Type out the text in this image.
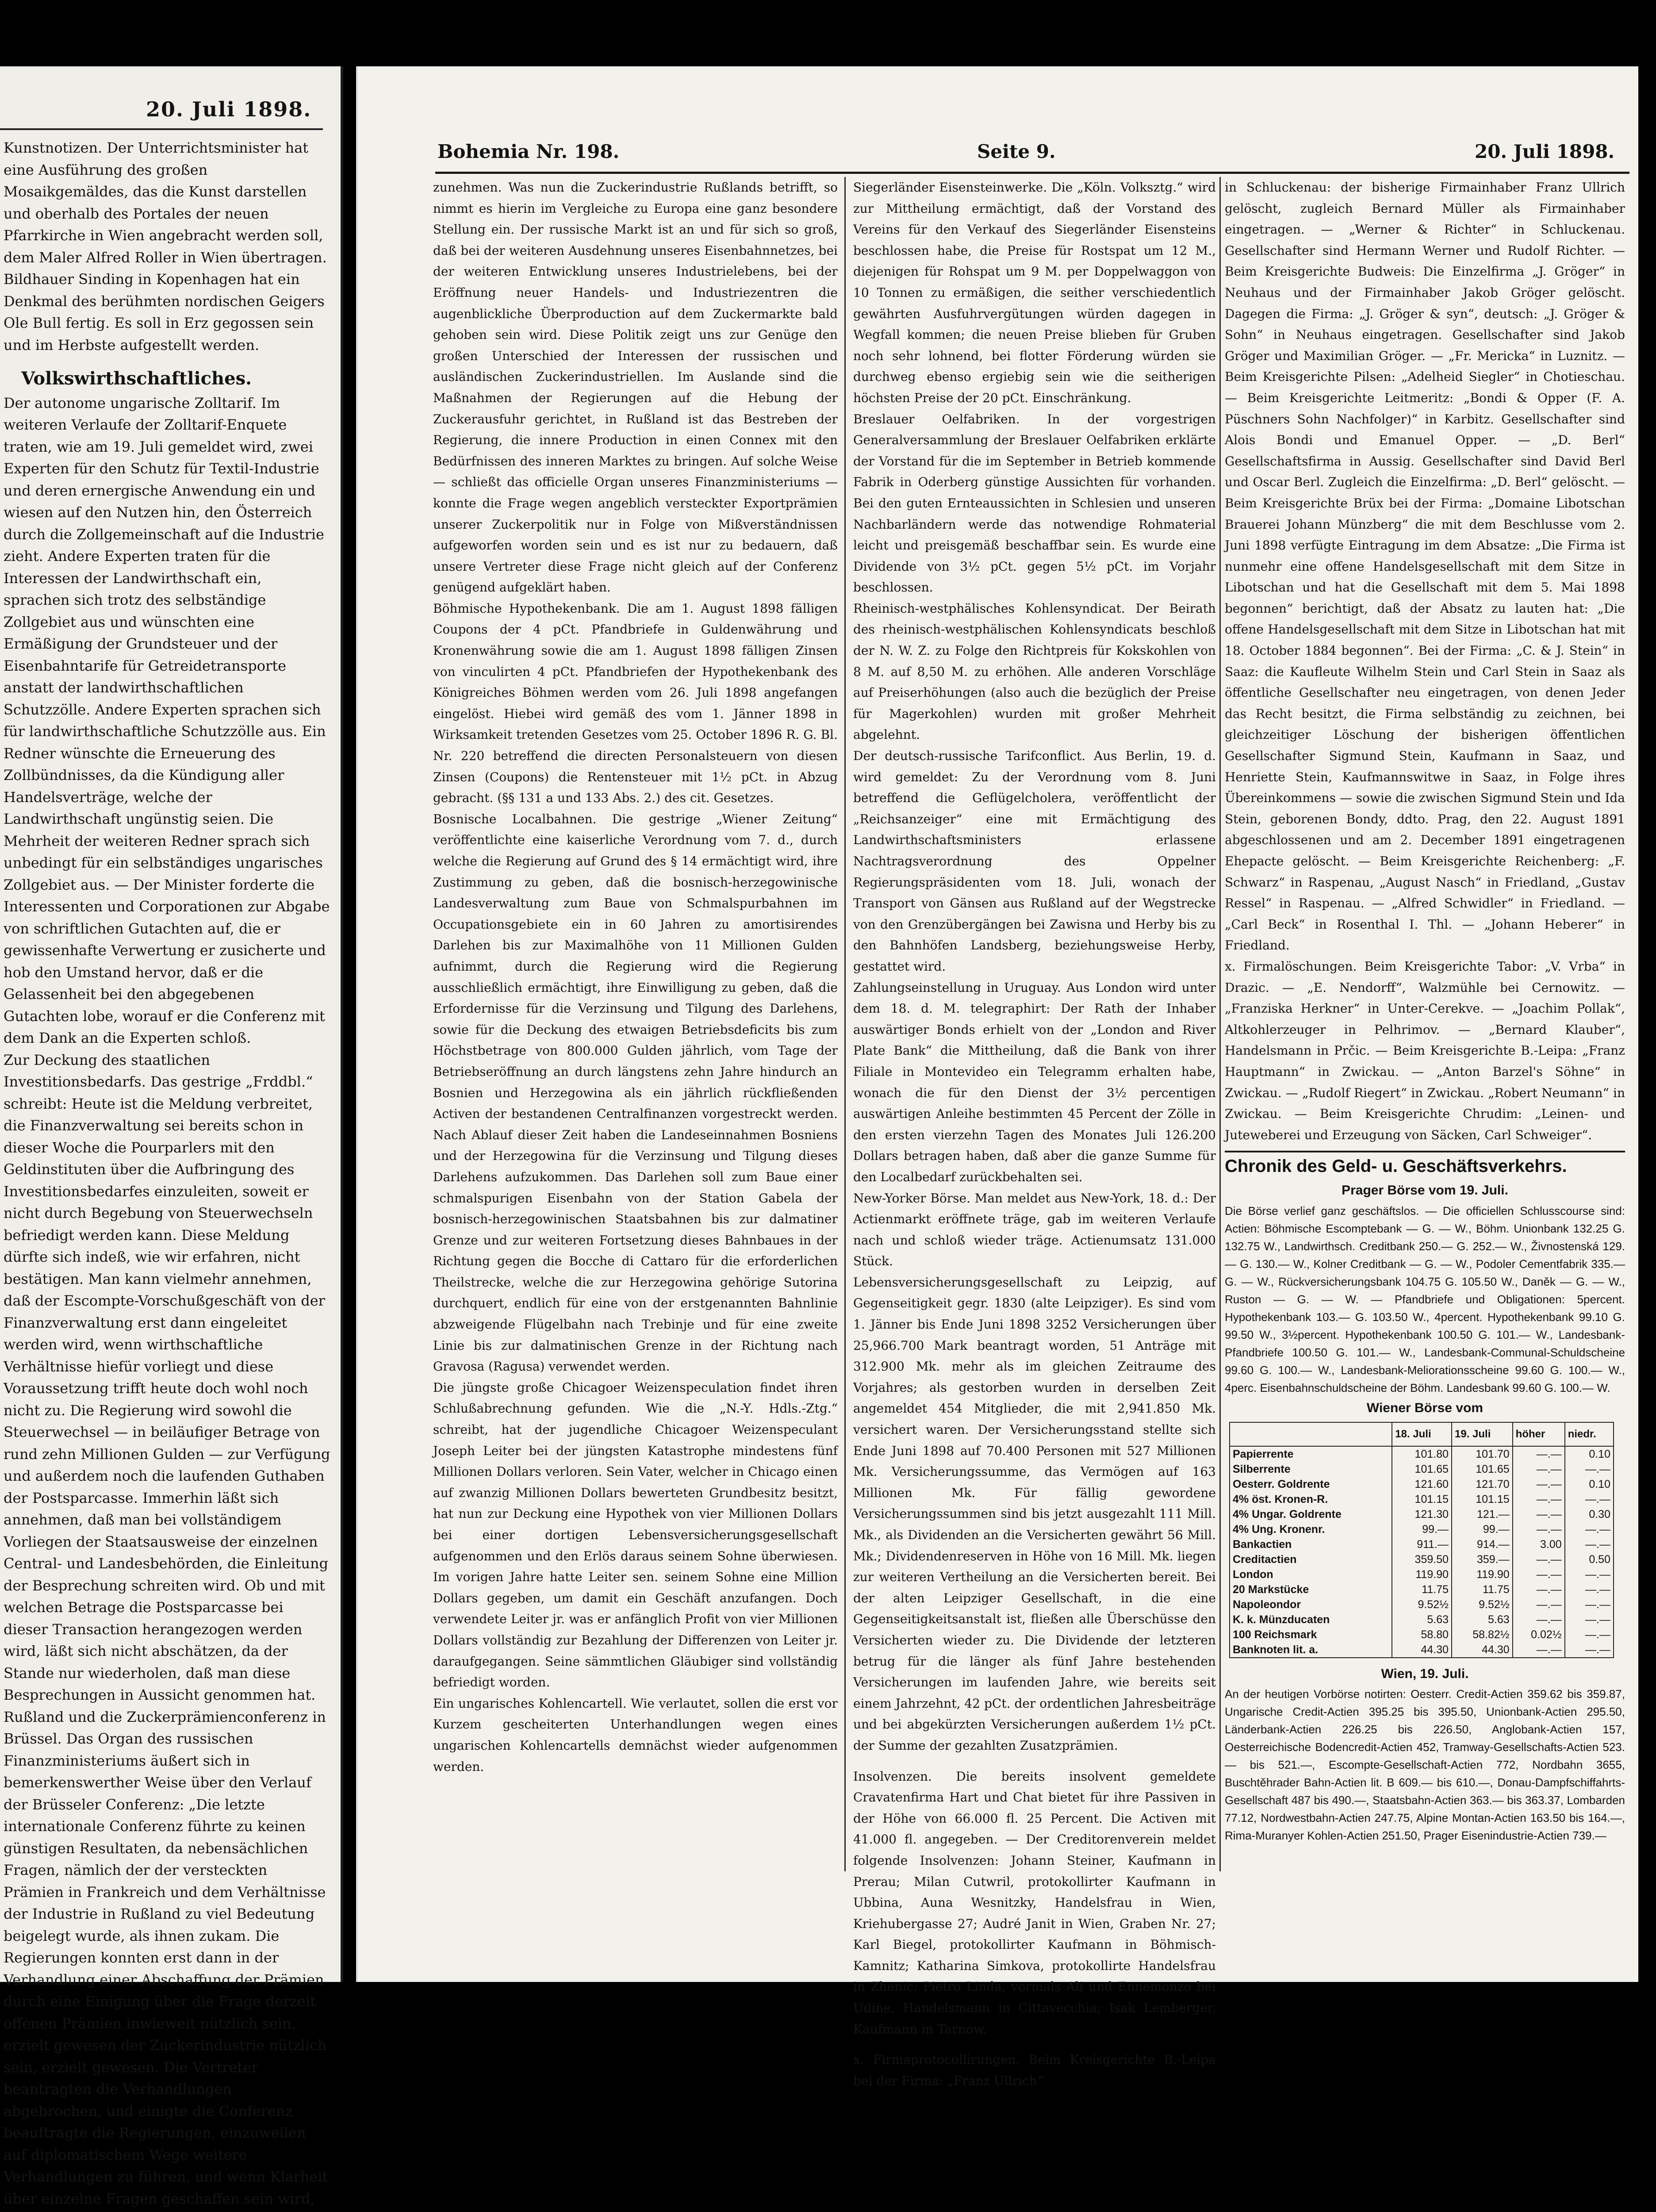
20. Juli 1898.

Kunstnotizen. Der Unterrichtsminister hat eine Ausführung des großen Mosaikgemäldes, das die Kunst darstellen und oberhalb des Portales der neuen Pfarrkirche in Wien angebracht werden soll, dem Maler Alfred Roller in Wien übertragen.

Bildhauer Sinding in Kopenhagen hat ein Denkmal des berühmten nordischen Geigers Ole Bull fertig. Es soll in Erz gegossen sein und im Herbste aufgestellt werden.

Volkswirthschaftliches.

Der autonome ungarische Zolltarif. Im weiteren Verlaufe der Zolltarif-Enquete traten, wie am 19. Juli gemeldet wird, zwei Experten für den Schutz für Textil-Industrie und deren ernergische Anwendung ein und wiesen auf den Nutzen hin, den Österreich durch die Zollgemeinschaft auf die Industrie zieht. Andere Experten traten für die Interessen der Landwirthschaft ein, sprachen sich trotz des selbständige Zollgebiet aus und wünschten eine Ermäßigung der Grundsteuer und der Eisenbahntarife für Getreidetransporte anstatt der landwirthschaftlichen Schutzzölle. Andere Experten sprachen sich für landwirthschaftliche Schutzzölle aus. Ein Redner wünschte die Erneuerung des Zollbündnisses, da die Kündigung aller Handelsverträge, welche der Landwirthschaft ungünstig seien. Die Mehrheit der weiteren Redner sprach sich unbedingt für ein selbständiges ungarisches Zollgebiet aus. — Der Minister forderte die Interessenten und Corporationen zur Abgabe von schriftlichen Gutachten auf, die er gewissenhafte Verwertung er zusicherte und hob den Umstand hervor, daß er die Gelassenheit bei den abgegebenen Gutachten lobe, worauf er die Conferenz mit dem Dank an die Experten schloß.

Zur Deckung des staatlichen Investitionsbedarfs. Das gestrige „Frddbl.“ schreibt: Heute ist die Meldung verbreitet, die Finanzverwaltung sei bereits schon in dieser Woche die Pourparlers mit den Geldinstituten über die Aufbringung des Investitionsbedarfes einzuleiten, soweit er nicht durch Begebung von Steuerwechseln befriedigt werden kann. Diese Meldung dürfte sich indeß, wie wir erfahren, nicht bestätigen. Man kann vielmehr annehmen, daß der Escompte-Vorschußgeschäft von der Finanzverwaltung erst dann eingeleitet werden wird, wenn wirthschaftliche Verhältnisse hiefür vorliegt und diese Voraussetzung trifft heute doch wohl noch nicht zu. Die Regierung wird sowohl die Steuerwechsel — in beiläufiger Betrage von rund zehn Millionen Gulden — zur Verfügung und außerdem noch die laufenden Guthaben der Postsparcasse. Immerhin läßt sich annehmen, daß man bei vollständigem Vorliegen der Staatsausweise der einzelnen Central- und Landesbehörden, die Einleitung der Besprechung schreiten wird. Ob und mit welchen Betrage die Postsparcasse bei dieser Transaction herangezogen werden wird, läßt sich nicht abschätzen, da der Stande nur wiederholen, daß man diese Besprechungen in Aussicht genommen hat.

Rußland und die Zuckerprämienconferenz in Brüssel. Das Organ des russischen Finanzministeriums äußert sich in bemerkenswerther Weise über den Verlauf der Brüsseler Conferenz: „Die letzte internationale Conferenz führte zu keinen günstigen Resultaten, da nebensächlichen Fragen, nämlich der der versteckten Prämien in Frankreich und dem Verhältnisse der Industrie in Rußland zu viel Bedeutung beigelegt wurde, als ihnen zukam. Die Regierungen konnten erst dann in der Verhandlung einer Abschaffung der Prämien durch eine Einigung über die Frage derzeit offenen Prämien inwieweit nützlich sein, erzielt gewesen der Zuckerindustrie nützlich sein, erzielt gewesen. Die Vertreter beantragten die Verhandlungen abgebrochen, und einigte die Conferenz beauftragte die Regierungen, einzuweilen auf diplomatischem Wege weitere Verhandlungen zu führen, und wenn Klarheit über einzelne Fragen geschaffen sein wird,

Bohemia Nr. 198.	Seite 9.	20. Juli 1898.

zunehmen. Was nun die Zuckerindustrie Rußlands betrifft, so nimmt es hierin im Vergleiche zu Europa eine ganz besondere Stellung ein. Der russische Markt ist an und für sich so groß, daß bei der weiteren Ausdehnung unseres Eisenbahnnetzes, bei der weiteren Entwicklung unseres Industrielebens, bei der Eröffnung neuer Handels- und Industriezentren die augenblickliche Überproduction auf dem Zuckermarkte bald gehoben sein wird. Diese Politik zeigt uns zur Genüge den großen Unterschied der Interessen der russischen und ausländischen Zuckerindustriellen. Im Auslande sind die Maßnahmen der Regierungen auf die Hebung der Zuckerausfuhr gerichtet, in Rußland ist das Bestreben der Regierung, die innere Production in einen Connex mit den Bedürfnissen des inneren Marktes zu bringen. Auf solche Weise — schließt das officielle Organ unseres Finanzministeriums — konnte die Frage wegen angeblich versteckter Exportprämien unserer Zuckerpolitik nur in Folge von Mißverständnissen aufgeworfen worden sein und es ist nur zu bedauern, daß unsere Vertreter diese Frage nicht gleich auf der Conferenz genügend aufgeklärt haben.

Böhmische Hypothekenbank. Die am 1. August 1898 fälligen Coupons der 4 pCt. Pfandbriefe in Guldenwährung und Kronenwährung sowie die am 1. August 1898 fälligen Zinsen von vinculirten 4 pCt. Pfandbriefen der Hypothekenbank des Königreiches Böhmen werden vom 26. Juli 1898 angefangen eingelöst. Hiebei wird gemäß des vom 1. Jänner 1898 in Wirksamkeit tretenden Gesetzes vom 25. October 1896 R. G. Bl. Nr. 220 betreffend die directen Personalsteuern von diesen Zinsen (Coupons) die Rentensteuer mit 1½ pCt. in Abzug gebracht. (§§ 131 a und 133 Abs. 2.) des cit. Gesetzes.

Bosnische Localbahnen. Die gestrige „Wiener Zeitung“ veröffentlichte eine kaiserliche Verordnung vom 7. d., durch welche die Regierung auf Grund des § 14 ermächtigt wird, ihre Zustimmung zu geben, daß die bosnisch-herzegowinische Landesverwaltung zum Baue von Schmalspurbahnen im Occupationsgebiete ein in 60 Jahren zu amortisirendes Darlehen bis zur Maximalhöhe von 11 Millionen Gulden aufnimmt, durch die Regierung wird die Regierung ausschließlich ermächtigt, ihre Einwilligung zu geben, daß die Erfordernisse für die Verzinsung und Tilgung des Darlehens, sowie für die Deckung des etwaigen Betriebsdeficits bis zum Höchstbetrage von 800.000 Gulden jährlich, vom Tage der Betriebseröffnung an durch längstens zehn Jahre hindurch an Bosnien und Herzegowina als ein jährlich rückfließenden Activen der bestandenen Centralfinanzen vorgestreckt werden. Nach Ablauf dieser Zeit haben die Landeseinnahmen Bosniens und der Herzegowina für die Verzinsung und Tilgung dieses Darlehens aufzukommen. Das Darlehen soll zum Baue einer schmalspurigen Eisenbahn von der Station Gabela der bosnisch-herzegowinischen Staatsbahnen bis zur dalmatiner Grenze und zur weiteren Fortsetzung dieses Bahnbaues in der Richtung gegen die Bocche di Cattaro für die erforderlichen Theilstrecke, welche die zur Herzegowina gehörige Sutorina durchquert, endlich für eine von der erstgenannten Bahnlinie abzweigende Flügelbahn nach Trebinje und für eine zweite Linie bis zur dalmatinischen Grenze in der Richtung nach Gravosa (Ragusa) verwendet werden.

Die jüngste große Chicagoer Weizenspeculation findet ihren Schlußabrechnung gefunden. Wie die „N.-Y. Hdls.-Ztg.“ schreibt, hat der jugendliche Chicagoer Weizenspeculant Joseph Leiter bei der jüngsten Katastrophe mindestens fünf Millionen Dollars verloren. Sein Vater, welcher in Chicago einen auf zwanzig Millionen Dollars bewerteten Grundbesitz besitzt, hat nun zur Deckung eine Hypothek von vier Millionen Dollars bei einer dortigen Lebensversicherungsgesellschaft aufgenommen und den Erlös daraus seinem Sohne überwiesen. Im vorigen Jahre hatte Leiter sen. seinem Sohne eine Million Dollars gegeben, um damit ein Geschäft anzufangen. Doch verwendete Leiter jr. was er anfänglich Profit von vier Millionen Dollars vollständig zur Bezahlung der Differenzen von Leiter jr. daraufgegangen. Seine sämmtlichen Gläubiger sind vollständig befriedigt worden.

Ein ungarisches Kohlencartell. Wie verlautet, sollen die erst vor Kurzem gescheiterten Unterhandlungen wegen eines ungarischen Kohlencartells demnächst wieder aufgenommen werden.

Siegerländer Eisensteinwerke. Die „Köln. Volksztg.“ wird zur Mittheilung ermächtigt, daß der Vorstand des Vereins für den Verkauf des Siegerländer Eisensteins beschlossen habe, die Preise für Rostspat um 12 M., diejenigen für Rohspat um 9 M. per Doppelwaggon von 10 Tonnen zu ermäßigen, die seither verschiedentlich gewährten Ausfuhrvergütungen würden dagegen in Wegfall kommen; die neuen Preise blieben für Gruben noch sehr lohnend, bei flotter Förderung würden sie durchweg ebenso ergiebig sein wie die seitherigen höchsten Preise der 20 pCt. Einschränkung.

Breslauer Oelfabriken. In der vorgestrigen Generalversammlung der Breslauer Oelfabriken erklärte der Vorstand für die im September in Betrieb kommende Fabrik in Oderberg günstige Aussichten für vorhanden. Bei den guten Ernteaussichten in Schlesien und unseren Nachbarländern werde das notwendige Rohmaterial leicht und preisgemäß beschaffbar sein. Es wurde eine Dividende von 3½ pCt. gegen 5½ pCt. im Vorjahr beschlossen.

Rheinisch-westphälisches Kohlensyndicat. Der Beirath des rheinisch-westphälischen Kohlensyndicats beschloß der N. W. Z. zu Folge den Richtpreis für Kokskohlen von 8 M. auf 8,50 M. zu erhöhen. Alle anderen Vorschläge auf Preiserhöhungen (also auch die bezüglich der Preise für Magerkohlen) wurden mit großer Mehrheit abgelehnt.

Der deutsch-russische Tarifconflict. Aus Berlin, 19. d. wird gemeldet: Zu der Verordnung vom 8. Juni betreffend die Geflügelcholera, veröffentlicht der „Reichsanzeiger“ eine mit Ermächtigung des Landwirthschaftsministers erlassene Nachtragsverordnung des Oppelner Regierungspräsidenten vom 18. Juli, wonach der Transport von Gänsen aus Rußland auf der Wegstrecke von den Grenzübergängen bei Zawisna und Herby bis zu den Bahnhöfen Landsberg, beziehungsweise Herby, gestattet wird.

Zahlungseinstellung in Uruguay. Aus London wird unter dem 18. d. M. telegraphirt: Der Rath der Inhaber auswärtiger Bonds erhielt von der „London and River Plate Bank“ die Mittheilung, daß die Bank von ihrer Filiale in Montevideo ein Telegramm erhalten habe, wonach die für den Dienst der 3½ percentigen auswärtigen Anleihe bestimmten 45 Percent der Zölle in den ersten vierzehn Tagen des Monates Juli 126.200 Dollars betragen haben, daß aber die ganze Summe für den Localbedarf zurückbehalten sei.

New-Yorker Börse. Man meldet aus New-York, 18. d.: Der Actienmarkt eröffnete träge, gab im weiteren Verlaufe nach und schloß wieder träge. Actienumsatz 131.000 Stück.

Lebensversicherungsgesellschaft zu Leipzig, auf Gegenseitigkeit gegr. 1830 (alte Leipziger). Es sind vom 1. Jänner bis Ende Juni 1898 3252 Versicherungen über 25,966.700 Mark beantragt worden, 51 Anträge mit 312.900 Mk. mehr als im gleichen Zeitraume des Vorjahres; als gestorben wurden in derselben Zeit angemeldet 454 Mitglieder, die mit 2,941.850 Mk. versichert waren. Der Versicherungsstand stellte sich Ende Juni 1898 auf 70.400 Personen mit 527 Millionen Mk. Versicherungssumme, das Vermögen auf 163 Millionen Mk. Für fällig gewordene Versicherungssummen sind bis jetzt ausgezahlt 111 Mill. Mk., als Dividenden an die Versicherten gewährt 56 Mill. Mk.; Dividendenreserven in Höhe von 16 Mill. Mk. liegen zur weiteren Vertheilung an die Versicherten bereit. Bei der alten Leipziger Gesellschaft, in die eine Gegenseitigkeitsanstalt ist, fließen alle Überschüsse den Versicherten wieder zu. Die Dividende der letzteren betrug für die länger als fünf Jahre bestehenden Versicherungen im laufenden Jahre, wie bereits seit einem Jahrzehnt, 42 pCt. der ordentlichen Jahresbeiträge und bei abgekürzten Versicherungen außerdem 1½ pCt. der Summe der gezahlten Zusatzprämien.

Insolvenzen. Die bereits insolvent gemeldete Cravatenfirma Hart und Chat bietet für ihre Passiven in der Höhe von 66.000 fl. 25 Percent. Die Activen mit 41.000 fl. angegeben. — Der Creditorenverein meldet folgende Insolvenzen: Johann Steiner, Kaufmann in Prerau; Milan Cutwril, protokollirter Kaufmann in Ubbina, Auna Wesnitzky, Handelsfrau in Wien, Kriehubergasse 27; Audré Janit in Wien, Graben Nr. 27; Karl Biegel, protokollirter Kaufmann in Böhmisch-Kamnitz; Katharina Simkova, protokollirte Handelsfrau in Zhenic; Pietro Linda, vormals Ali und Ennemonzo bei Udine, Handelsmann in Cittavecchia; Isak Lemberger, Kaufmann in Tarnow.

x. Firmaprotocollirungen. Beim Kreisgerichte B.-Leipa bei der Firma: „Franz Ullrich“

in Schluckenau: der bisherige Firmainhaber Franz Ullrich gelöscht, zugleich Bernard Müller als Firmainhaber eingetragen. — „Werner & Richter“ in Schluckenau. Gesellschafter sind Hermann Werner und Rudolf Richter. — Beim Kreisgerichte Budweis: Die Einzelfirma „J. Gröger“ in Neuhaus und der Firmainhaber Jakob Gröger gelöscht. Dagegen die Firma: „J. Gröger & syn“, deutsch: „J. Gröger & Sohn“ in Neuhaus eingetragen. Gesellschafter sind Jakob Gröger und Maximilian Gröger. — „Fr. Mericka“ in Luznitz. — Beim Kreisgerichte Pilsen: „Adelheid Siegler“ in Chotieschau. — Beim Kreisgerichte Leitmeritz: „Bondi & Opper (F. A. Püschners Sohn Nachfolger)“ in Karbitz. Gesellschafter sind Alois Bondi und Emanuel Opper. — „D. Berl“ Gesellschaftsfirma in Aussig. Gesellschafter sind David Berl und Oscar Berl. Zugleich die Einzelfirma: „D. Berl“ gelöscht. — Beim Kreisgerichte Brüx bei der Firma: „Domaine Libotschan Brauerei Johann Münzberg“ die mit dem Beschlusse vom 2. Juni 1898 verfügte Eintragung im dem Absatze: „Die Firma ist nunmehr eine offene Handelsgesellschaft mit dem Sitze in Libotschan und hat die Gesellschaft mit dem 5. Mai 1898 begonnen“ berichtigt, daß der Absatz zu lauten hat: „Die offene Handelsgesellschaft mit dem Sitze in Libotschan hat mit 18. October 1884 begonnen“. Bei der Firma: „C. & J. Stein“ in Saaz: die Kaufleute Wilhelm Stein und Carl Stein in Saaz als öffentliche Gesellschafter neu eingetragen, von denen Jeder das Recht besitzt, die Firma selbständig zu zeichnen, bei gleichzeitiger Löschung der bisherigen öffentlichen Gesellschafter Sigmund Stein, Kaufmann in Saaz, und Henriette Stein, Kaufmannswitwe in Saaz, in Folge ihres Übereinkommens — sowie die zwischen Sigmund Stein und Ida Stein, geborenen Bondy, ddto. Prag, den 22. August 1891 abgeschlossenen und am 2. December 1891 eingetragenen Ehepacte gelöscht. — Beim Kreisgerichte Reichenberg: „F. Schwarz“ in Raspenau, „August Nasch“ in Friedland, „Gustav Ressel“ in Raspenau. — „Alfred Schwidler“ in Friedland. — „Carl Beck“ in Rosenthal I. Thl. — „Johann Heberer“ in Friedland.

x. Firmalöschungen. Beim Kreisgerichte Tabor: „V. Vrba“ in Drazic. — „E. Nendorff“, Walzmühle bei Cernowitz. — „Franziska Herkner“ in Unter-Cerekve. — „Joachim Pollak“, Altkohlerzeuger in Pelhrimov. — „Bernard Klauber“, Handelsmann in Prčic. — Beim Kreisgerichte B.-Leipa: „Franz Hauptmann“ in Zwickau. — „Anton Barzel's Söhne“ in Zwickau. — „Rudolf Riegert“ in Zwickau. „Robert Neumann“ in Zwickau. — Beim Kreisgerichte Chrudim: „Leinen- und Juteweberei und Erzeugung von Säcken, Carl Schweiger“.

Chronik des Geld- u. Geschäftsverkehrs.
Prager Börse vom 19. Juli.

Die Börse verlief ganz geschäftslos. — Die officiellen Schlusscourse sind: Actien: Böhmische Escomptebank — G. — W., Böhm. Unionbank 132.25 G. 132.75 W., Landwirthsch. Creditbank 250.— G. 252.— W., Živnostenská 129.— G. 130.— W., Kolner Creditbank — G. — W., Podoler Cementfabrik 335.— G. — W., Rückversicherungsbank 104.75 G. 105.50 W., Daněk — G. — W., Ruston — G. — W. — Pfandbriefe und Obligationen: 5percent. Hypothekenbank 103.— G. 103.50 W., 4percent. Hypothekenbank 99.10 G. 99.50 W., 3½percent. Hypothekenbank 100.50 G. 101.— W., Landesbank-Pfandbriefe 100.50 G. 101.— W., Landesbank-Communal-Schuldscheine 99.60 G. 100.— W., Landesbank-Meliorationsscheine 99.60 G. 100.— W., 4perc. Eisenbahnschuldscheine der Böhm. Landesbank 99.60 G. 100.— W.

Wiener Börse vom
	18. Juli	19. Juli	höher	niedr.
Papierrente	101.80	101.70	—.—	0.10
Silberrente	101.65	101.65	—.—	—.—
Oesterr. Goldrente	121.60	121.70	—.—	0.10
4% öst. Kronen-R.	101.15	101.15	—.—	—.—
4% Ungar. Goldrente	121.30	121.—	—.—	0.30
4% Ung. Kronenr.	99.—	99.—	—.—	—.—
Bankactien	911.—	914.—	3.00	—.—
Creditactien	359.50	359.—	—.—	0.50
London	119.90	119.90	—.—	—.—
20 Markstücke	11.75	11.75	—.—	—.—
Napoleondor	9.52½	9.52½	—.—	—.—
K. k. Münzducaten	5.63	5.63	—.—	—.—
100 Reichsmark	58.80	58.82½	0.02½	—.—
Banknoten lit. a.	44.30	44.30	—.—	—.—
Wien, 19. Juli.

An der heutigen Vorbörse notirten: Oesterr. Credit-Actien 359.62 bis 359.87, Ungarische Credit-Actien 395.25 bis 395.50, Unionbank-Actien 295.50, Länderbank-Actien 226.25 bis 226.50, Anglobank-Actien 157, Oesterreichische Bodencredit-Actien 452, Tramway-Gesellschafts-Actien 523.— bis 521.—, Escompte-Gesellschaft-Actien 772, Nordbahn 3655, Buschtěhrader Bahn-Actien lit. B 609.— bis 610.—, Donau-Dampfschiffahrts-Gesellschaft 487 bis 490.—, Staatsbahn-Actien 363.— bis 363.37, Lombarden 77.12, Nordwestbahn-Actien 247.75, Alpine Montan-Actien 163.50 bis 164.—, Rima-Muranyer Kohlen-Actien 251.50, Prager Eisenindustrie-Actien 739.—
